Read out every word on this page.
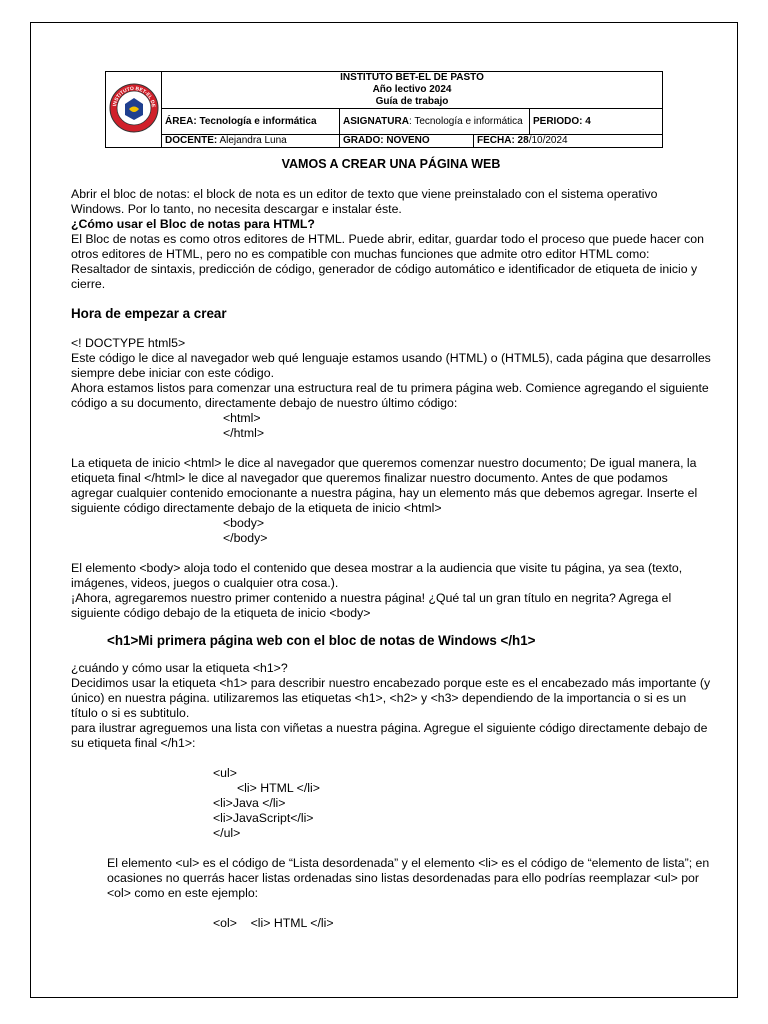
INSTITUTO BET-EL DE	INSTITUTO BET-EL DE PASTO
Año lectivo 2024
Guía de trabajo			

	ÁREA: Tecnología e informática	ASIGNATURA: Tecnología e informática		PERIODO: 4
	DOCENTE: Alejandra Luna	GRADO: NOVENO	FECHA: 28/10/2024	

VAMOS A CREAR UNA PÁGINA WEB

Abrir el bloc de notas: el block de nota es un editor de texto que viene preinstalado con el sistema operativo Windows. Por lo tanto, no necesita descargar e instalar éste.

¿Cómo usar el Bloc de notas para HTML?

El Bloc de notas es como otros editores de HTML. Puede abrir, editar, guardar todo el proceso que puede hacer con otros editores de HTML, pero no es compatible con muchas funciones que admite otro editor HTML como: Resaltador de sintaxis, predicción de código, generador de código automático e identificador de etiqueta de inicio y cierre.

Hora de empezar a crear

<! DOCTYPE html5>

Este código le dice al navegador web qué lenguaje estamos usando (HTML) o (HTML5), cada página que desarrolles siempre debe iniciar con este código.

Ahora estamos listos para comenzar una estructura real de tu primera página web. Comience agregando el siguiente código a su documento, directamente debajo de nuestro último código:

<html>

</html>

La etiqueta de inicio <html> le dice al navegador que queremos comenzar nuestro documento; De igual manera, la etiqueta final </html> le dice al navegador que queremos finalizar nuestro documento. Antes de que podamos agregar cualquier contenido emocionante a nuestra página, hay un elemento más que debemos agregar. Inserte el siguiente código directamente debajo de la etiqueta de inicio <html>

<body>

</body>

El elemento <body> aloja todo el contenido que desea mostrar a la audiencia que visite tu página, ya sea (texto, imágenes, videos, juegos o cualquier otra cosa.).

¡Ahora, agregaremos nuestro primer contenido a nuestra página! ¿Qué tal un gran título en negrita? Agrega el siguiente código debajo de la etiqueta de inicio <body>

<h1>Mi primera página web con el bloc de notas de Windows </h1>

¿cuándo y cómo usar la etiqueta <h1>?

Decidimos usar la etiqueta <h1> para describir nuestro encabezado porque este es el encabezado más importante (y único) en nuestra página. utilizaremos las etiquetas <h1>, <h2> y <h3> dependiendo de la importancia o si es un título o si es subtitulo.

para ilustrar agreguemos una lista con viñetas a nuestra página. Agregue el siguiente código directamente debajo de su etiqueta final </h1>:

<ul>

<li> HTML </li>

<li>Java </li>

<li>JavaScript</li>

</ul>

El elemento <ul> es el código de “Lista desordenada” y el elemento <li> es el código de “elemento de lista”; en ocasiones no querrás hacer listas ordenadas sino listas desordenadas para ello podrías reemplazar <ul> por <ol> como en este ejemplo:

<ol>    <li> HTML </li>
